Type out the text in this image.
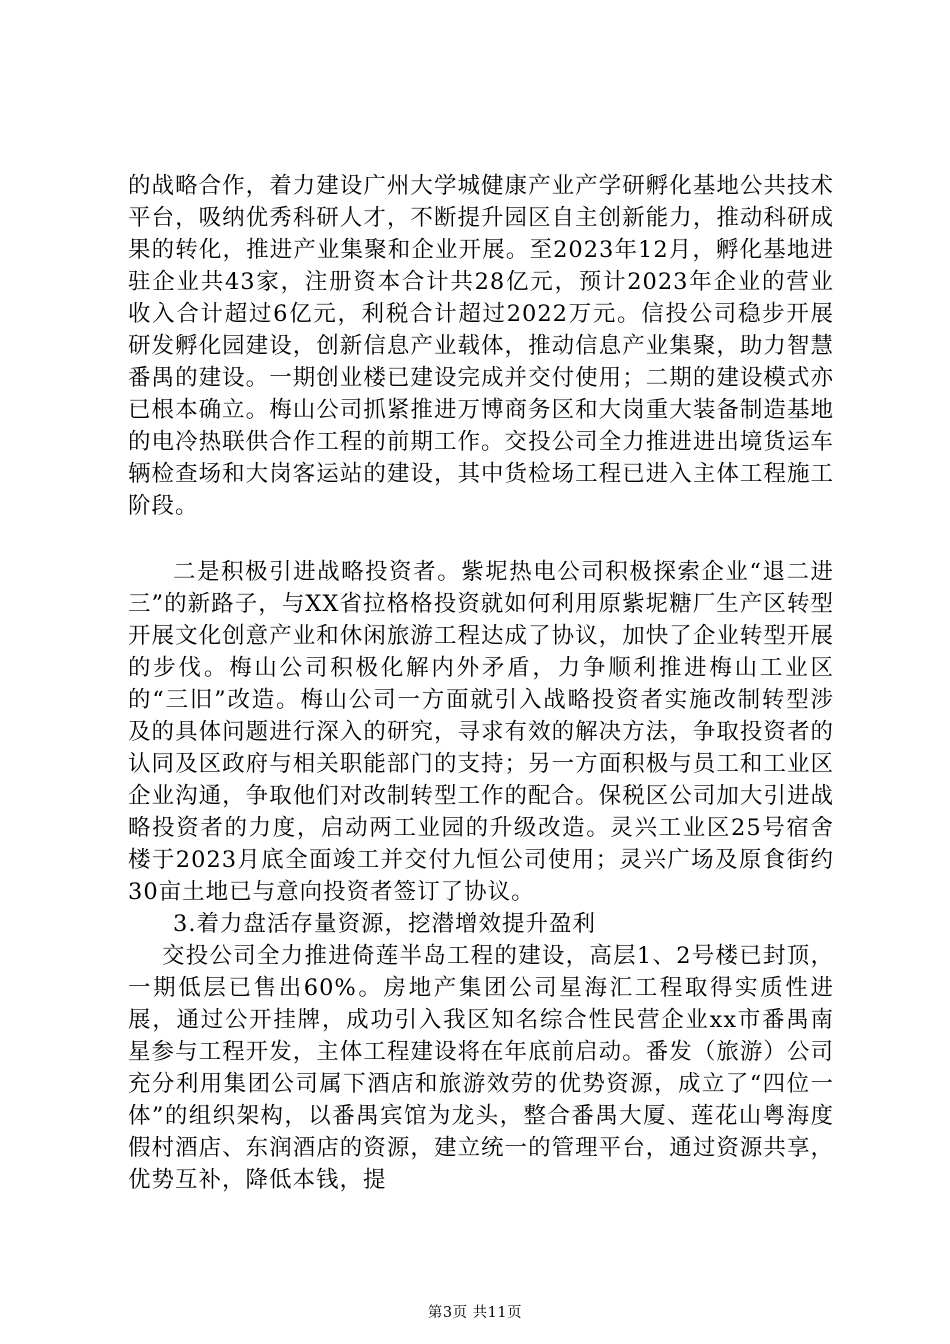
的战略合作，着力建设广州大学城健康产业产学研孵化基地公共技术平台，吸纳优秀科研人才，不断提升园区自主创新能力，推动科研成果的转化，推进产业集聚和企业开展。至2023年12月，孵化基地进驻企业共43家，注册资本合计共28亿元，预计2023年企业的营业收入合计超过6亿元，利税合计超过2022万元。信投公司稳步开展研发孵化园建设，创新信息产业载体，推动信息产业集聚，助力智慧番禺的建设。一期创业楼已建设完成并交付使用；二期的建设模式亦已根本确立。梅山公司抓紧推进万博商务区和大岗重大装备制造基地的电冷热联供合作工程的前期工作。交投公司全力推进进出境货运车辆检查场和大岗客运站的建设，其中货检场工程已进入主体工程施工阶段。

二是积极引进战略投资者。紫坭热电公司积极探索企业“退二进三”的新路子，与XX省拉格格投资就如何利用原紫坭糖厂生产区转型开展文化创意产业和休闲旅游工程达成了协议，加快了企业转型开展的步伐。梅山公司积极化解内外矛盾，力争顺利推进梅山工业区的“三旧”改造。梅山公司一方面就引入战略投资者实施改制转型涉及的具体问题进行深入的研究，寻求有效的解决方法，争取投资者的认同及区政府与相关职能部门的支持；另一方面积极与员工和工业区企业沟通，争取他们对改制转型工作的配合。保税区公司加大引进战略投资者的力度，启动两工业园的升级改造。灵兴工业区25号宿舍楼于2023月底全面竣工并交付九恒公司使用；灵兴广场及原食街约30亩土地已与意向投资者签订了协议。

3.着力盘活存量资源，挖潜增效提升盈利

交投公司全力推进倚莲半岛工程的建设，高层1、2号楼已封顶，一期低层已售出60%。房地产集团公司星海汇工程取得实质性进展，通过公开挂牌，成功引入我区知名综合性民营企业xx市番禺南星参与工程开发，主体工程建设将在年底前启动。番发（旅游）公司充分利用集团公司属下酒店和旅游效劳的优势资源，成立了“四位一体”的组织架构，以番禺宾馆为龙头，整合番禺大厦、莲花山粤海度假村酒店、东润酒店的资源，建立统一的管理平台，通过资源共享，优势互补，降低本钱，提

第3页 共11页
